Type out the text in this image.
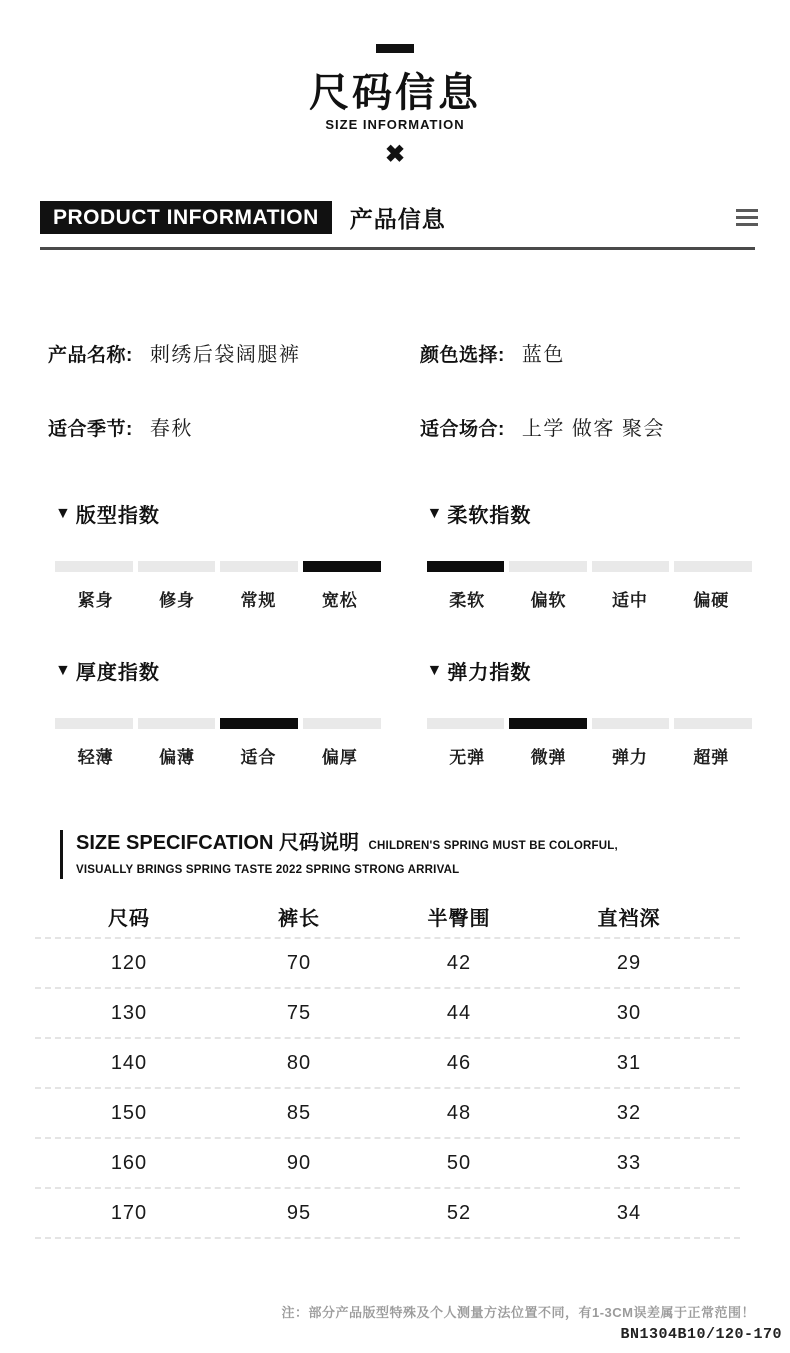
尺码信息
SIZE INFORMATION
✖
PRODUCT INFORMATION	产品信息
产品名称: 刺绣后袋阔腿裤	颜色选择: 蓝色
适合季节: 春秋	适合场合: 上学 做客 聚会
▼ 版型指数
紧身	修身	常规	宽松
▼ 柔软指数
柔软	偏软	适中	偏硬
▼ 厚度指数
轻薄	偏薄	适合	偏厚
▼ 弹力指数
无弹	微弹	弹力	超弹
SIZE SPECIFCATION 尺码说明 CHILDREN'S SPRING MUST BE COLORFUL,
VISUALLY BRINGS SPRING TASTE 2022 SPRING STRONG ARRIVAL
尺码	裤长	半臀围	直裆深
120	70	42	29
130	75	44	30
140	80	46	31
150	85	48	32
160	90	50	33
170	95	52	34
注：部分产品版型特殊及个人测量方法位置不同，有1-3CM误差属于正常范围！
BN1304B10/120-170
